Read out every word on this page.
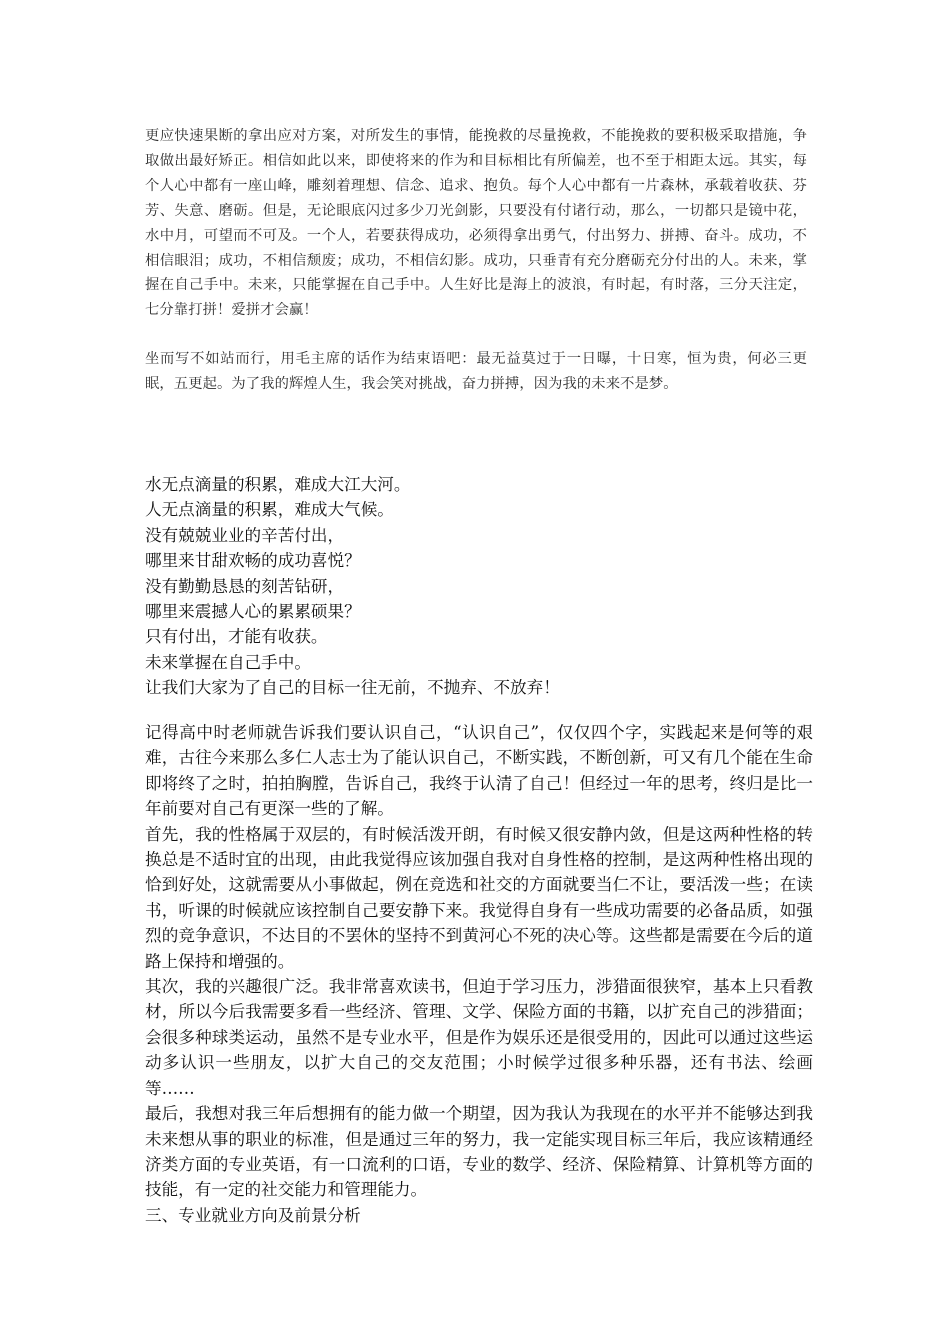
更应快速果断的拿出应对方案，对所发生的事情，能挽救的尽量挽救，不能挽救的要积极采取措施，争取做出最好矫正。相信如此以来，即使将来的作为和目标相比有所偏差，也不至于相距太远。其实，每个人心中都有一座山峰，雕刻着理想、信念、追求、抱负。每个人心中都有一片森林，承载着收获、芬芳、失意、磨砺。但是，无论眼底闪过多少刀光剑影，只要没有付诸行动，那么，一切都只是镜中花，水中月，可望而不可及。一个人，若要获得成功，必须得拿出勇气，付出努力、拼搏、奋斗。成功，不相信眼泪；成功，不相信颓废；成功，不相信幻影。成功，只垂青有充分磨砺充分付出的人。未来，掌握在自己手中。未来，只能掌握在自己手中。人生好比是海上的波浪，有时起，有时落，三分天注定，七分靠打拼！爱拼才会赢！

坐而写不如站而行，用毛主席的话作为结束语吧：最无益莫过于一日曝，十日寒，恒为贵，何必三更眠，五更起。为了我的辉煌人生，我会笑对挑战，奋力拼搏，因为我的未来不是梦。

水无点滴量的积累，难成大江大河。
人无点滴量的积累，难成大气候。
没有兢兢业业的辛苦付出，
哪里来甘甜欢畅的成功喜悦？
没有勤勤恳恳的刻苦钻研，
哪里来震撼人心的累累硕果？
只有付出，才能有收获。
未来掌握在自己手中。
让我们大家为了自己的目标一往无前，不抛弃、不放弃！

记得高中时老师就告诉我们要认识自己，“认识自己”，仅仅四个字，实践起来是何等的艰难，古往今来那么多仁人志士为了能认识自己，不断实践，不断创新，可又有几个能在生命即将终了之时，拍拍胸膛，告诉自己，我终于认清了自己！但经过一年的思考，终归是比一年前要对自己有更深一些的了解。

首先，我的性格属于双层的，有时候活泼开朗，有时候又很安静内敛，但是这两种性格的转换总是不适时宜的出现，由此我觉得应该加强自我对自身性格的控制，是这两种性格出现的恰到好处，这就需要从小事做起，例在竞选和社交的方面就要当仁不让，要活泼一些；在读书，听课的时候就应该控制自己要安静下来。我觉得自身有一些成功需要的必备品质，如强烈的竞争意识，不达目的不罢休的坚持不到黄河心不死的决心等。这些都是需要在今后的道路上保持和增强的。

其次，我的兴趣很广泛。我非常喜欢读书，但迫于学习压力，涉猎面很狭窄，基本上只看教材，所以今后我需要多看一些经济、管理、文学、保险方面的书籍，以扩充自己的涉猎面；会很多种球类运动，虽然不是专业水平，但是作为娱乐还是很受用的，因此可以通过这些运动多认识一些朋友，以扩大自己的交友范围；小时候学过很多种乐器，还有书法、绘画等……

最后，我想对我三年后想拥有的能力做一个期望，因为我认为我现在的水平并不能够达到我未来想从事的职业的标准，但是通过三年的努力，我一定能实现目标三年后，我应该精通经济类方面的专业英语，有一口流利的口语，专业的数学、经济、保险精算、计算机等方面的技能，有一定的社交能力和管理能力。

三、专业就业方向及前景分析
